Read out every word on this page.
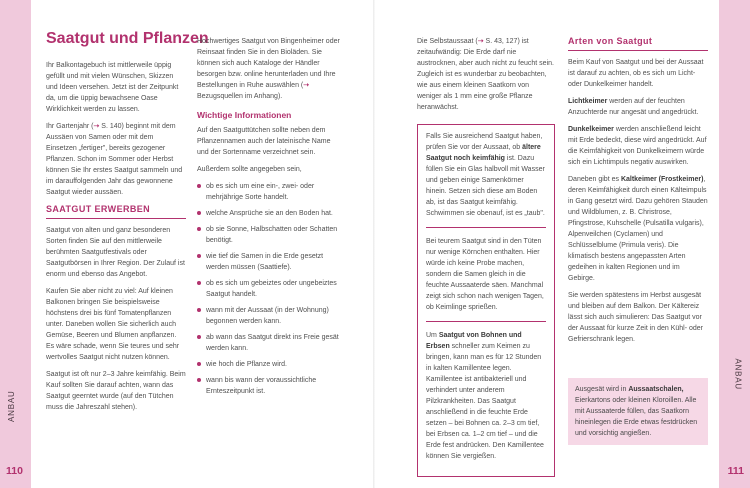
ANBAU
110
Saatgut und Pflanzen

Ihr Balkontagebuch ist mittlerweile üppig gefüllt und mit vielen Wünschen, Skizzen und Ideen versehen. Jetzt ist der Zeitpunkt da, um die üppig bewachsene Oase Wirklichkeit werden zu lassen.

Ihr Gartenjahr (➝ S. 140) beginnt mit dem Aussäen von Samen oder mit dem Einsetzen „fertiger", bereits gezogener Pflanzen. Schon im Sommer oder Herbst können Sie Ihr erstes Saatgut sammeln und im darauffolgenden Jahr das gewonnene Saatgut wieder aussäen.

SAATGUT ERWERBEN

Saatgut von alten und ganz besonderen Sorten finden Sie auf den mittlerweile berühmten Saatgutfestivals oder Saatgutbörsen in Ihrer Region. Der Zulauf ist enorm und ebenso das Angebot.

Kaufen Sie aber nicht zu viel: Auf kleinen Balkonen bringen Sie beispielsweise höchstens drei bis fünf Tomatenpflanzen unter. Daneben wollen Sie sicherlich auch Gemüse, Beeren und Blumen anpflanzen. Es wäre schade, wenn Sie teures und sehr wertvolles Saatgut nicht nutzen können.

Saatgut ist oft nur 2–3 Jahre keimfähig. Beim Kauf sollten Sie darauf achten, wann das Saatgut geerntet wurde (auf den Tütchen muss die Jahreszahl stehen).

Hochwertiges Saatgut von Bingenheimer oder Reinsaat finden Sie in den Bioläden. Sie können sich auch Kataloge der Händler besorgen bzw. online herunterladen und Ihre Bestellungen in Ruhe auswählen (➝ Bezugsquellen im Anhang).

Wichtige Informationen

Auf den Saatguttütchen sollte neben dem Pflanzennamen auch der lateinische Name und der Sortenname verzeichnet sein.

Außerdem sollte angegeben sein,

ob es sich um eine ein-, zwei- oder mehrjährige Sorte handelt.
welche Ansprüche sie an den Boden hat.
ob sie Sonne, Halbschatten oder Schatten benötigt.
wie tief die Samen in die Erde gesetzt werden müssen (Saattiefe).
ob es sich um gebeiztes oder ungebeiztes Saatgut handelt.
wann mit der Aussaat (in der Wohnung) begonnen werden kann.
ab wann das Saatgut direkt ins Freie gesät werden kann.
wie hoch die Pflanze wird.
wann bis wann der voraussichtliche Ernteszeitpunkt ist.
ANBAU
111

Die Selbstaussaat (➝ S. 43, 127) ist zeitaufwändig: Die Erde darf nie austrocknen, aber auch nicht zu feucht sein. Zugleich ist es wunderbar zu beobachten, wie aus einem kleinen Saatkorn von weniger als 1 mm eine große Pflanze heranwächst.

Falls Sie ausreichend Saatgut haben, prüfen Sie vor der Aussaat, ob ältere Saatgut noch keimfähig ist. Dazu füllen Sie ein Glas halbvoll mit Wasser und geben einige Samenkörner hinein. Setzen sich diese am Boden ab, ist das Saatgut keimfähig. Schwimmen sie obenauf, ist es „taub".

Bei teurem Saatgut sind in den Tüten nur wenige Körnchen enthalten. Hier würde ich keine Probe machen, sondern die Samen gleich in die feuchte Aussaaterde säen. Manchmal zeigt sich schon nach wenigen Tagen, ob Keimlinge sprießen.

Um Saatgut von Bohnen und Erbsen schneller zum Keimen zu bringen, kann man es für 12 Stunden in kalten Kamillentee legen. Kamillentee ist antibakteriell und verhindert unter anderem Pilzkrankheiten. Das Saatgut anschließend in die feuchte Erde setzen – bei Bohnen ca. 2–3 cm tief, bei Erbsen ca. 1–2 cm tief – und die Erde fest andrücken. Den Kamillentee können Sie vergießen.

Arten von Saatgut

Beim Kauf von Saatgut und bei der Aussaat ist darauf zu achten, ob es sich um Licht- oder Dunkelkeimer handelt.

Lichtkeimer werden auf der feuchten Anzuchterde nur angesät und angedrückt.

Dunkelkeimer werden anschließend leicht mit Erde bedeckt, diese wird angedrückt. Auf die Keimfähigkeit von Dunkelkeimern würde sich ein Lichtimpuls negativ auswirken.

Daneben gibt es Kaltkeimer (Frostkeimer), deren Keimfähigkeit durch einen Kälteimpuls in Gang gesetzt wird. Dazu gehören Stauden und Wildblumen, z. B. Christrose, Pfingstrose, Kuhschelle (Pulsatilla vulgaris), Alpenveilchen (Cyclamen) und Schlüsselblume (Primula veris). Die klimatisch bestens angepassten Arten gedeihen in kalten Regionen und im Gebirge.

Sie werden spätestens im Herbst ausgesät und bleiben auf dem Balkon. Der Kältereiz lässt sich auch simulieren: Das Saatgut vor der Aussaat für kurze Zeit in den Kühl- oder Gefrierschrank legen.

Ausgesät wird in Aussaatschalen, Eierkartons oder kleinen Kloroillen. Alle mit Aussaaterde füllen, das Saatkorn hineinlegen die Erde etwas festdrücken und vorsichtig angießen.
